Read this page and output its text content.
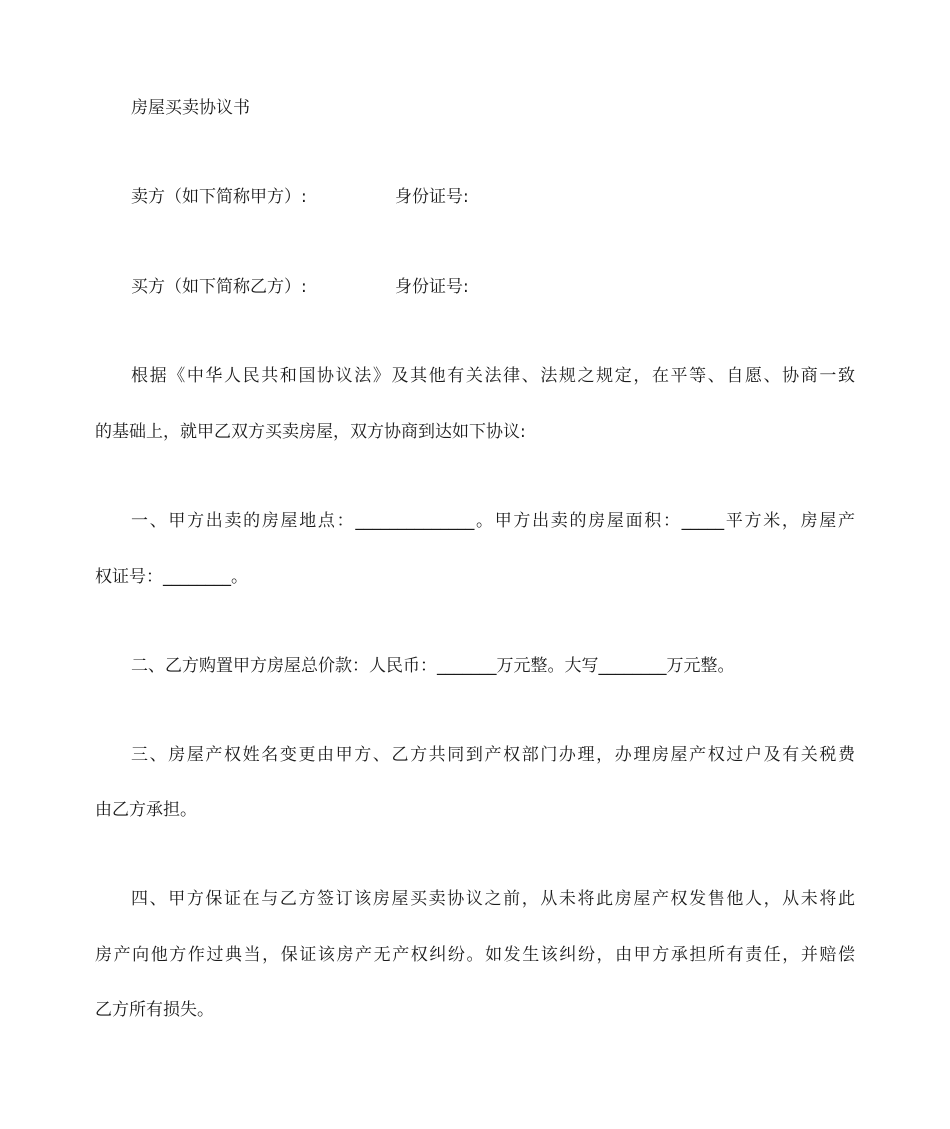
房屋买卖协议书
卖方（如下简称甲方）:	身份证号:
买方（如下简称乙方）:	身份证号:
根据《中华人民共和国协议法》及其他有关法律、法规之规定，在平等、自愿、协商一致
的基础上，就甲乙双方买卖房屋，双方协商到达如下协议:
一、甲方出卖的房屋地点：______________。甲方出卖的房屋面积：_____平方米，房屋产
权证号：________。
二、乙方购置甲方房屋总价款：人民币：_______万元整。大写________万元整。
三、房屋产权姓名变更由甲方、乙方共同到产权部门办理，办理房屋产权过户及有关税费
由乙方承担。
四、甲方保证在与乙方签订该房屋买卖协议之前，从未将此房屋产权发售他人，从未将此
房产向他方作过典当，保证该房产无产权纠纷。如发生该纠纷，由甲方承担所有责任，并赔偿
乙方所有损失。
